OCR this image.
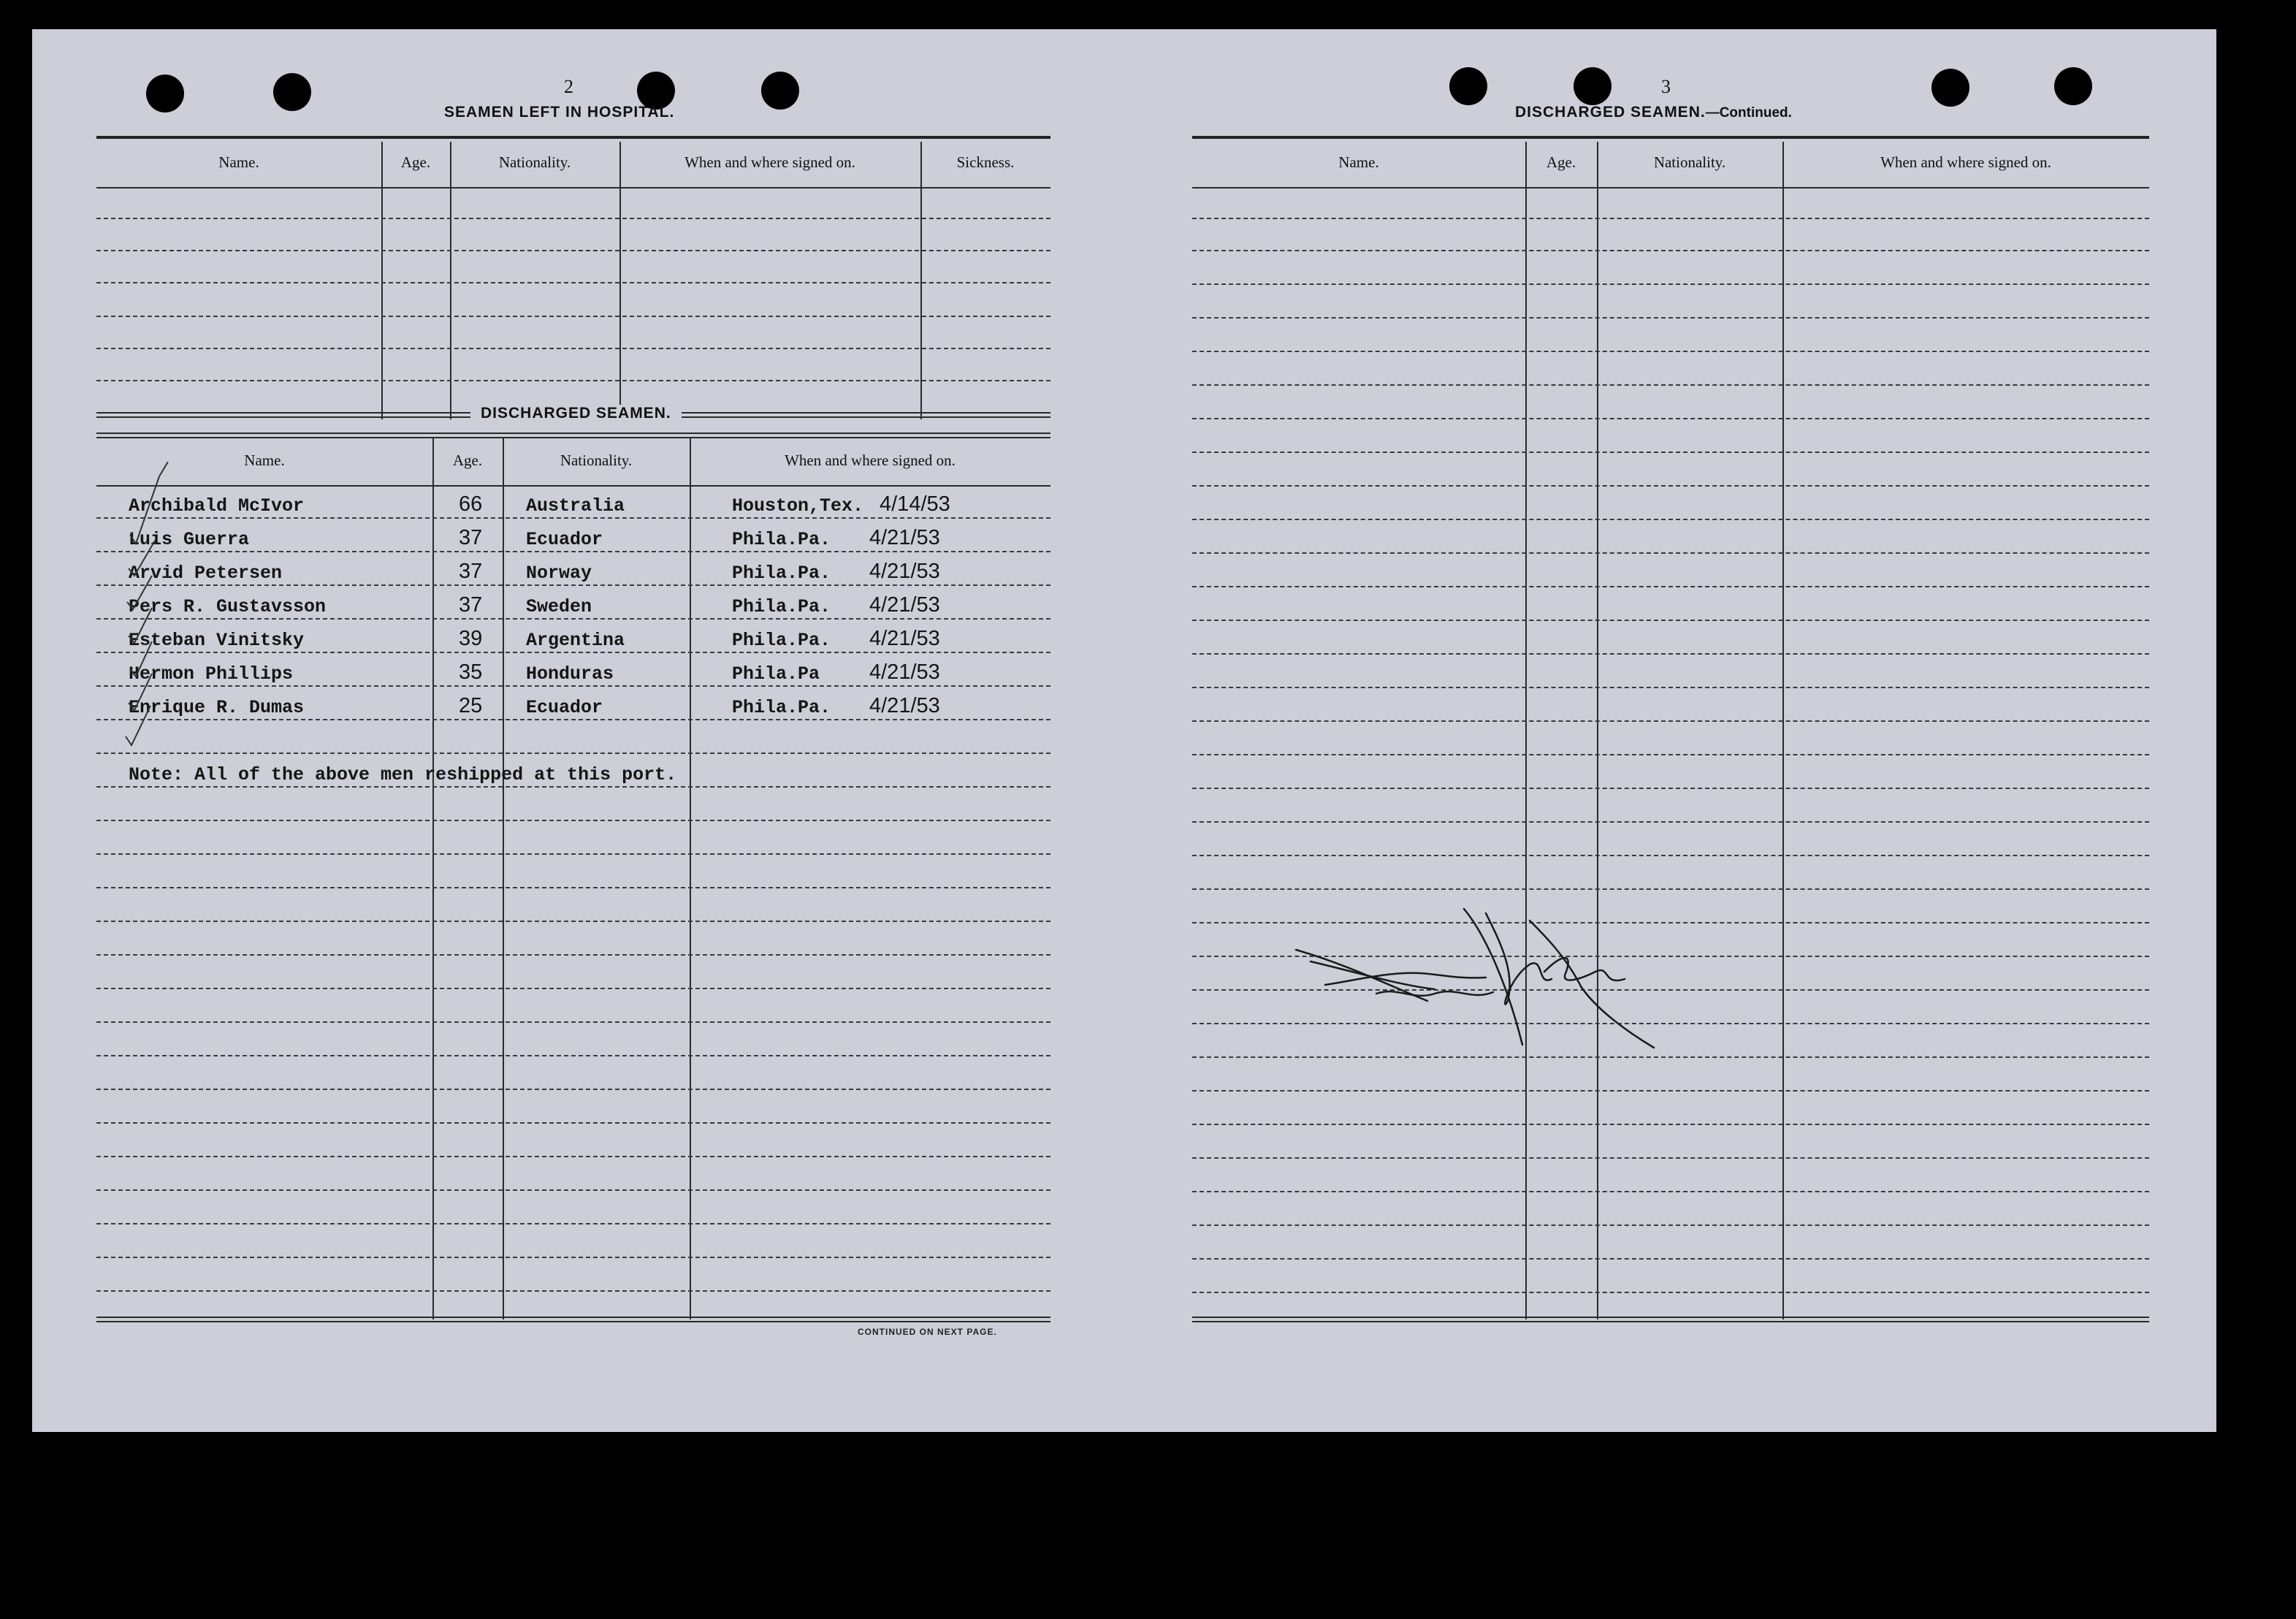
2
SEAMEN LEFT IN HOSPITAL.
Name.	Age.	Nationality.	When and where signed on.	Sickness.
DISCHARGED SEAMEN.
Name.	Age.	Nationality.	When and where signed on.
Archibald McIvor	66 Australia	Houston,Tex. 4/14/53
Luis Guerra	37 Ecuador	Phila.Pa. 4/21/53
Arvid Petersen	37 Norway	Phila.Pa. 4/21/53
Pers R. Gustavsson	37 Sweden	Phila.Pa. 4/21/53
Esteban Vinitsky	39 Argentina	Phila.Pa. 4/21/53
Hermon Phillips	35 Honduras	Phila.Pa 4/21/53
Enrique R. Dumas	25 Ecuador	Phila.Pa. 4/21/53
Note: All of the above men reshipped at this port.
CONTINUED ON NEXT PAGE.
3
DISCHARGED SEAMEN.—Continued.
Name.	Age.	Nationality.	When and where signed on.
